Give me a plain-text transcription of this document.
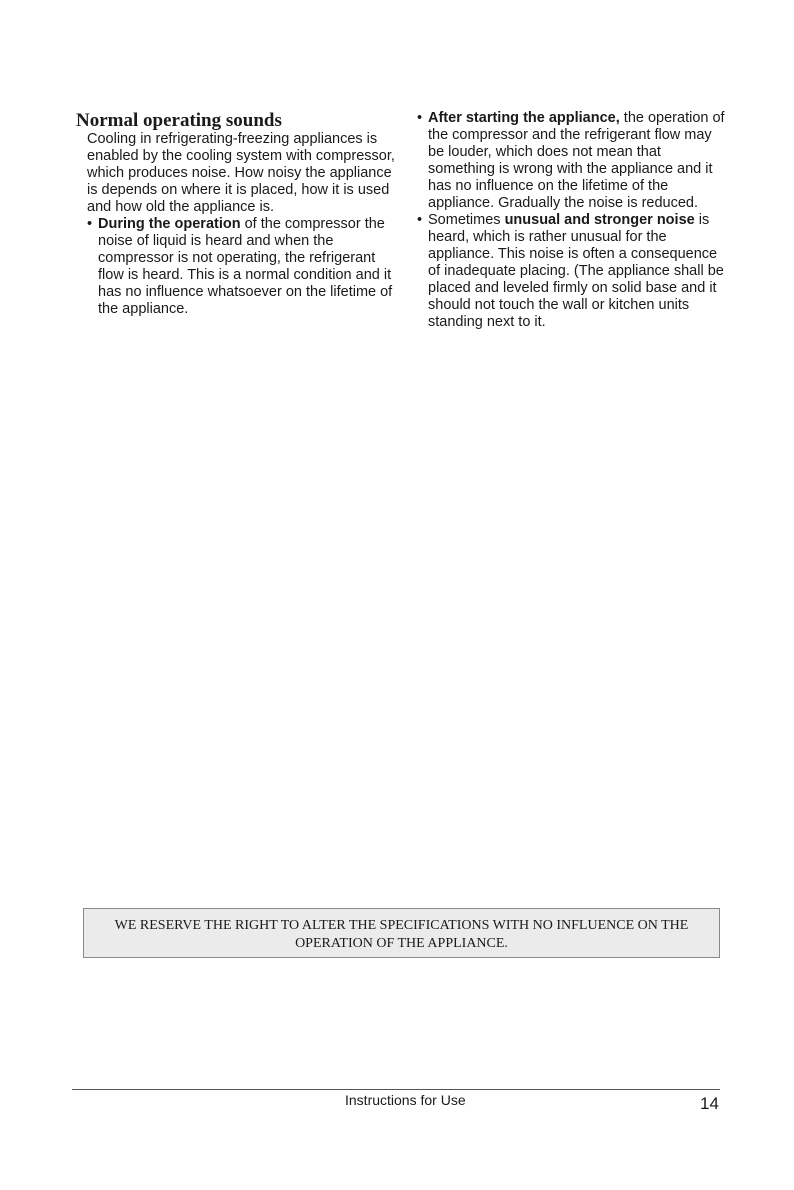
Normal operating sounds

Cooling in refrigerating-freezing appliances is enabled by the cooling system with compressor, which produces noise. How noisy the appliance is depends on where it is placed, how it is used and how old the appliance is.

• During the operation of the compressor the noise of liquid is heard and when the compressor is not operating, the refrigerant flow is heard. This is a normal condition and it has no influence whatsoever on the lifetime of the appliance.
• After starting the appliance, the operation of the compressor and the refrigerant flow may be louder, which does not mean that something is wrong with the appliance and it has no influence on the lifetime of the appliance. Gradually the noise is reduced.
• Sometimes unusual and stronger noise is heard, which is rather unusual for the appliance. This noise is often a consequence of inadequate placing. (The appliance shall be placed and leveled firmly on solid base and it should not touch the wall or kitchen units standing next to it.
WE RESERVE THE RIGHT TO ALTER THE SPECIFICATIONS WITH NO INFLUENCE ON THE OPERATION OF THE APPLIANCE.
Instructions for Use	14
